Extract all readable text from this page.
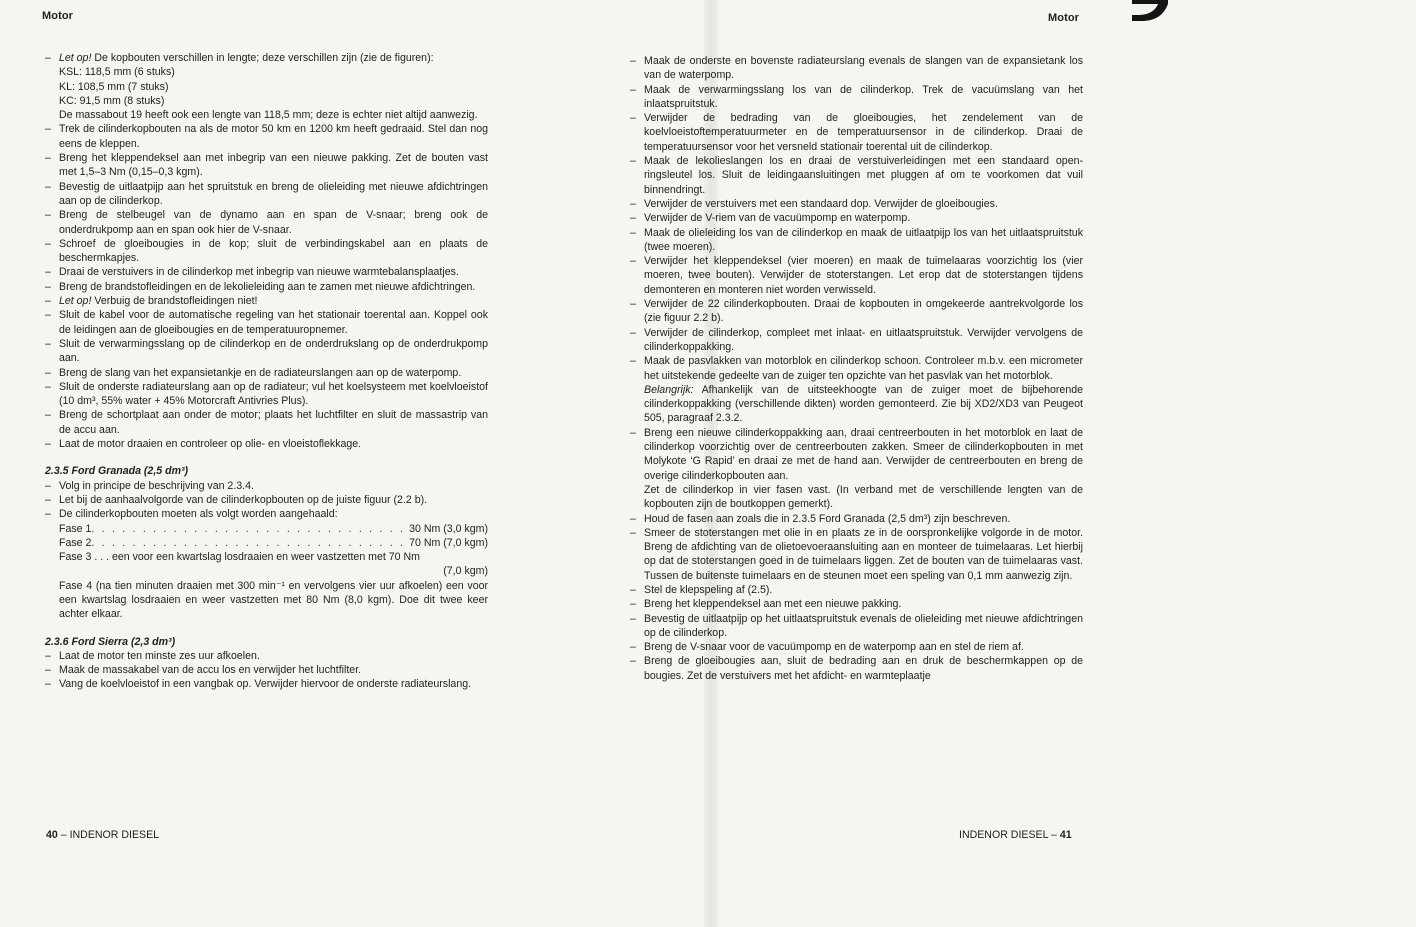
Motor
– Let op! De kopbouten verschillen in lengte; deze verschillen zijn (zie de figuren):
KSL: 118,5 mm (6 stuks)
KL: 108,5 mm (7 stuks)
KC: 91,5 mm (8 stuks)
De massabout 19 heeft ook een lengte van 118,5 mm; deze is echter niet altijd aanwezig.
– Trek de cilinderkopbouten na als de motor 50 km en 1200 km heeft gedraaid. Stel dan nog eens de kleppen.
– Breng het kleppendeksel aan met inbegrip van een nieuwe pakking. Zet de bouten vast met 1,5–3 Nm (0,15–0,3 kgm).
– Bevestig de uitlaatpijp aan het spruitstuk en breng de olieleiding met nieuwe afdichtringen aan op de cilinderkop.
– Breng de stelbeugel van de dynamo aan en span de V-snaar; breng ook de onderdrukpomp aan en span ook hier de V-snaar.
– Schroef de gloeibougies in de kop; sluit de verbindingskabel aan en plaats de beschermkapjes.
– Draai de verstuivers in de cilinderkop met inbegrip van nieuwe warmtebalansplaatjes.
– Breng de brandstofleidingen en de lekolieleiding aan te zamen met nieuwe afdichtringen.
– Let op! Verbuig de brandstofleidingen niet!
– Sluit de kabel voor de automatische regeling van het stationair toerental aan. Koppel ook de leidingen aan de gloeibougies en de temperatuuropnemer.
– Sluit de verwarmingsslang op de cilinderkop en de onderdrukslang op de onderdrukpomp aan.
– Breng de slang van het expansietankje en de radiateurslangen aan op de waterpomp.
– Sluit de onderste radiateurslang aan op de radiateur; vul het koelsysteem met koelvloeistof (10 dm³, 55% water + 45% Motorcraft Antivries Plus).
– Breng de schortplaat aan onder de motor; plaats het luchtfilter en sluit de massastrip van de accu aan.
– Laat de motor draaien en controleer op olie- en vloeistoflekkage.
2.3.5 Ford Granada (2,5 dm³)
– Volg in principe de beschrijving van 2.3.4.
– Let bij de aanhaalvolgorde van de cilinderkopbouten op de juiste figuur (2.2 b).
– De cilinderkopbouten moeten als volgt worden aangehaald:
Fase 1 . . .	30 Nm (3,0 kgm)
Fase 2 . . .	70 Nm (7,0 kgm)
Fase 3 . . . een voor een kwartslag losdraaien en weer vastzetten met 70 Nm
(7,0 kgm)
Fase 4 (na tien minuten draaien met 300 min⁻¹ en vervolgens vier uur afkoelen) een voor een kwartslag losdraaien en weer vastzetten met 80 Nm (8,0 kgm). Doe dit twee keer achter elkaar.
2.3.6 Ford Sierra (2,3 dm³)
– Laat de motor ten minste zes uur afkoelen.
– Maak de massakabel van de accu los en verwijder het luchtfilter.
– Vang de koelvloeistof in een vangbak op. Verwijder hiervoor de onderste radiateurslang.
40 – INDENOR DIESEL
Motor
– Maak de onderste en bovenste radiateurslang evenals de slangen van de expansietank los van de waterpomp.
– Maak de verwarmingsslang los van de cilinderkop. Trek de vacuümslang van het inlaatspruitstuk.
– Verwijder de bedrading van de gloeibougies, het zendelement van de koelvloeistoftemperatuurmeter en de temperatuursensor in de cilinderkop. Draai de temperatuursensor voor het versneld stationair toerental uit de cilinderkop.
– Maak de lekolieslangen los en draai de verstuiverleidingen met een standaard open-ringsleutel los. Sluit de leidingaansluitingen met pluggen af om te voorkomen dat vuil binnendringt.
– Verwijder de verstuivers met een standaard dop. Verwijder de gloeibougies.
– Verwijder de V-riem van de vacuümpomp en waterpomp.
– Maak de olieleiding los van de cilinderkop en maak de uitlaatpijp los van het uitlaatspruitstuk (twee moeren).
– Verwijder het kleppendeksel (vier moeren) en maak de tuimelaaras voorzichtig los (vier moeren, twee bouten). Verwijder de stoterstangen. Let erop dat de stoterstangen tijdens demonteren en monteren niet worden verwisseld.
– Verwijder de 22 cilinderkopbouten. Draai de kopbouten in omgekeerde aantrekvolgorde los (zie figuur 2.2 b).
– Verwijder de cilinderkop, compleet met inlaat- en uitlaatspruitstuk. Verwijder vervolgens de cilinderkoppakking.
– Maak de pasvlakken van motorblok en cilinderkop schoon. Controleer m.b.v. een micrometer het uitstekende gedeelte van de zuiger ten opzichte van het pasvlak van het motorblok.
Belangrijk: Afhankelijk van de uitsteekhoogte van de zuiger moet de bijbehorende cilinderkoppakking (verschillende dikten) worden gemonteerd. Zie bij XD2/XD3 van Peugeot 505, paragraaf 2.3.2.
– Breng een nieuwe cilinderkoppakking aan, draai centreerbouten in het motorblok en laat de cilinderkop voorzichtig over de centreerbouten zakken. Smeer de cilinderkopbouten in met Molykote ‘G Rapid’ en draai ze met de hand aan. Verwijder de centreerbouten en breng de overige cilinderkopbouten aan.
Zet de cilinderkop in vier fasen vast. (In verband met de verschillende lengten van de kopbouten zijn de boutkoppen gemerkt).
– Houd de fasen aan zoals die in 2.3.5 Ford Granada (2,5 dm³) zijn beschreven.
– Smeer de stoterstangen met olie in en plaats ze in de oorspronkelijke volgorde in de motor. Breng de afdichting van de olietoevoeraansluiting aan en monteer de tuimelaaras. Let hierbij op dat de stoterstangen goed in de tuimelaars liggen. Zet de bouten van de tuimelaaras vast. Tussen de buitenste tuimelaars en de steunen moet een speling van 0,1 mm aanwezig zijn.
– Stel de klepspeling af (2.5).
– Breng het kleppendeksel aan met een nieuwe pakking.
– Bevestig de uitlaatpijp op het uitlaatspruitstuk evenals de olieleiding met nieuwe afdichtringen op de cilinderkop.
– Breng de V-snaar voor de vacuümpomp en de waterpomp aan en stel de riem af.
– Breng de gloeibougies aan, sluit de bedrading aan en druk de beschermkappen op de bougies. Zet de verstuivers met het afdicht- en warmteplaatje
INDENOR DIESEL – 41
